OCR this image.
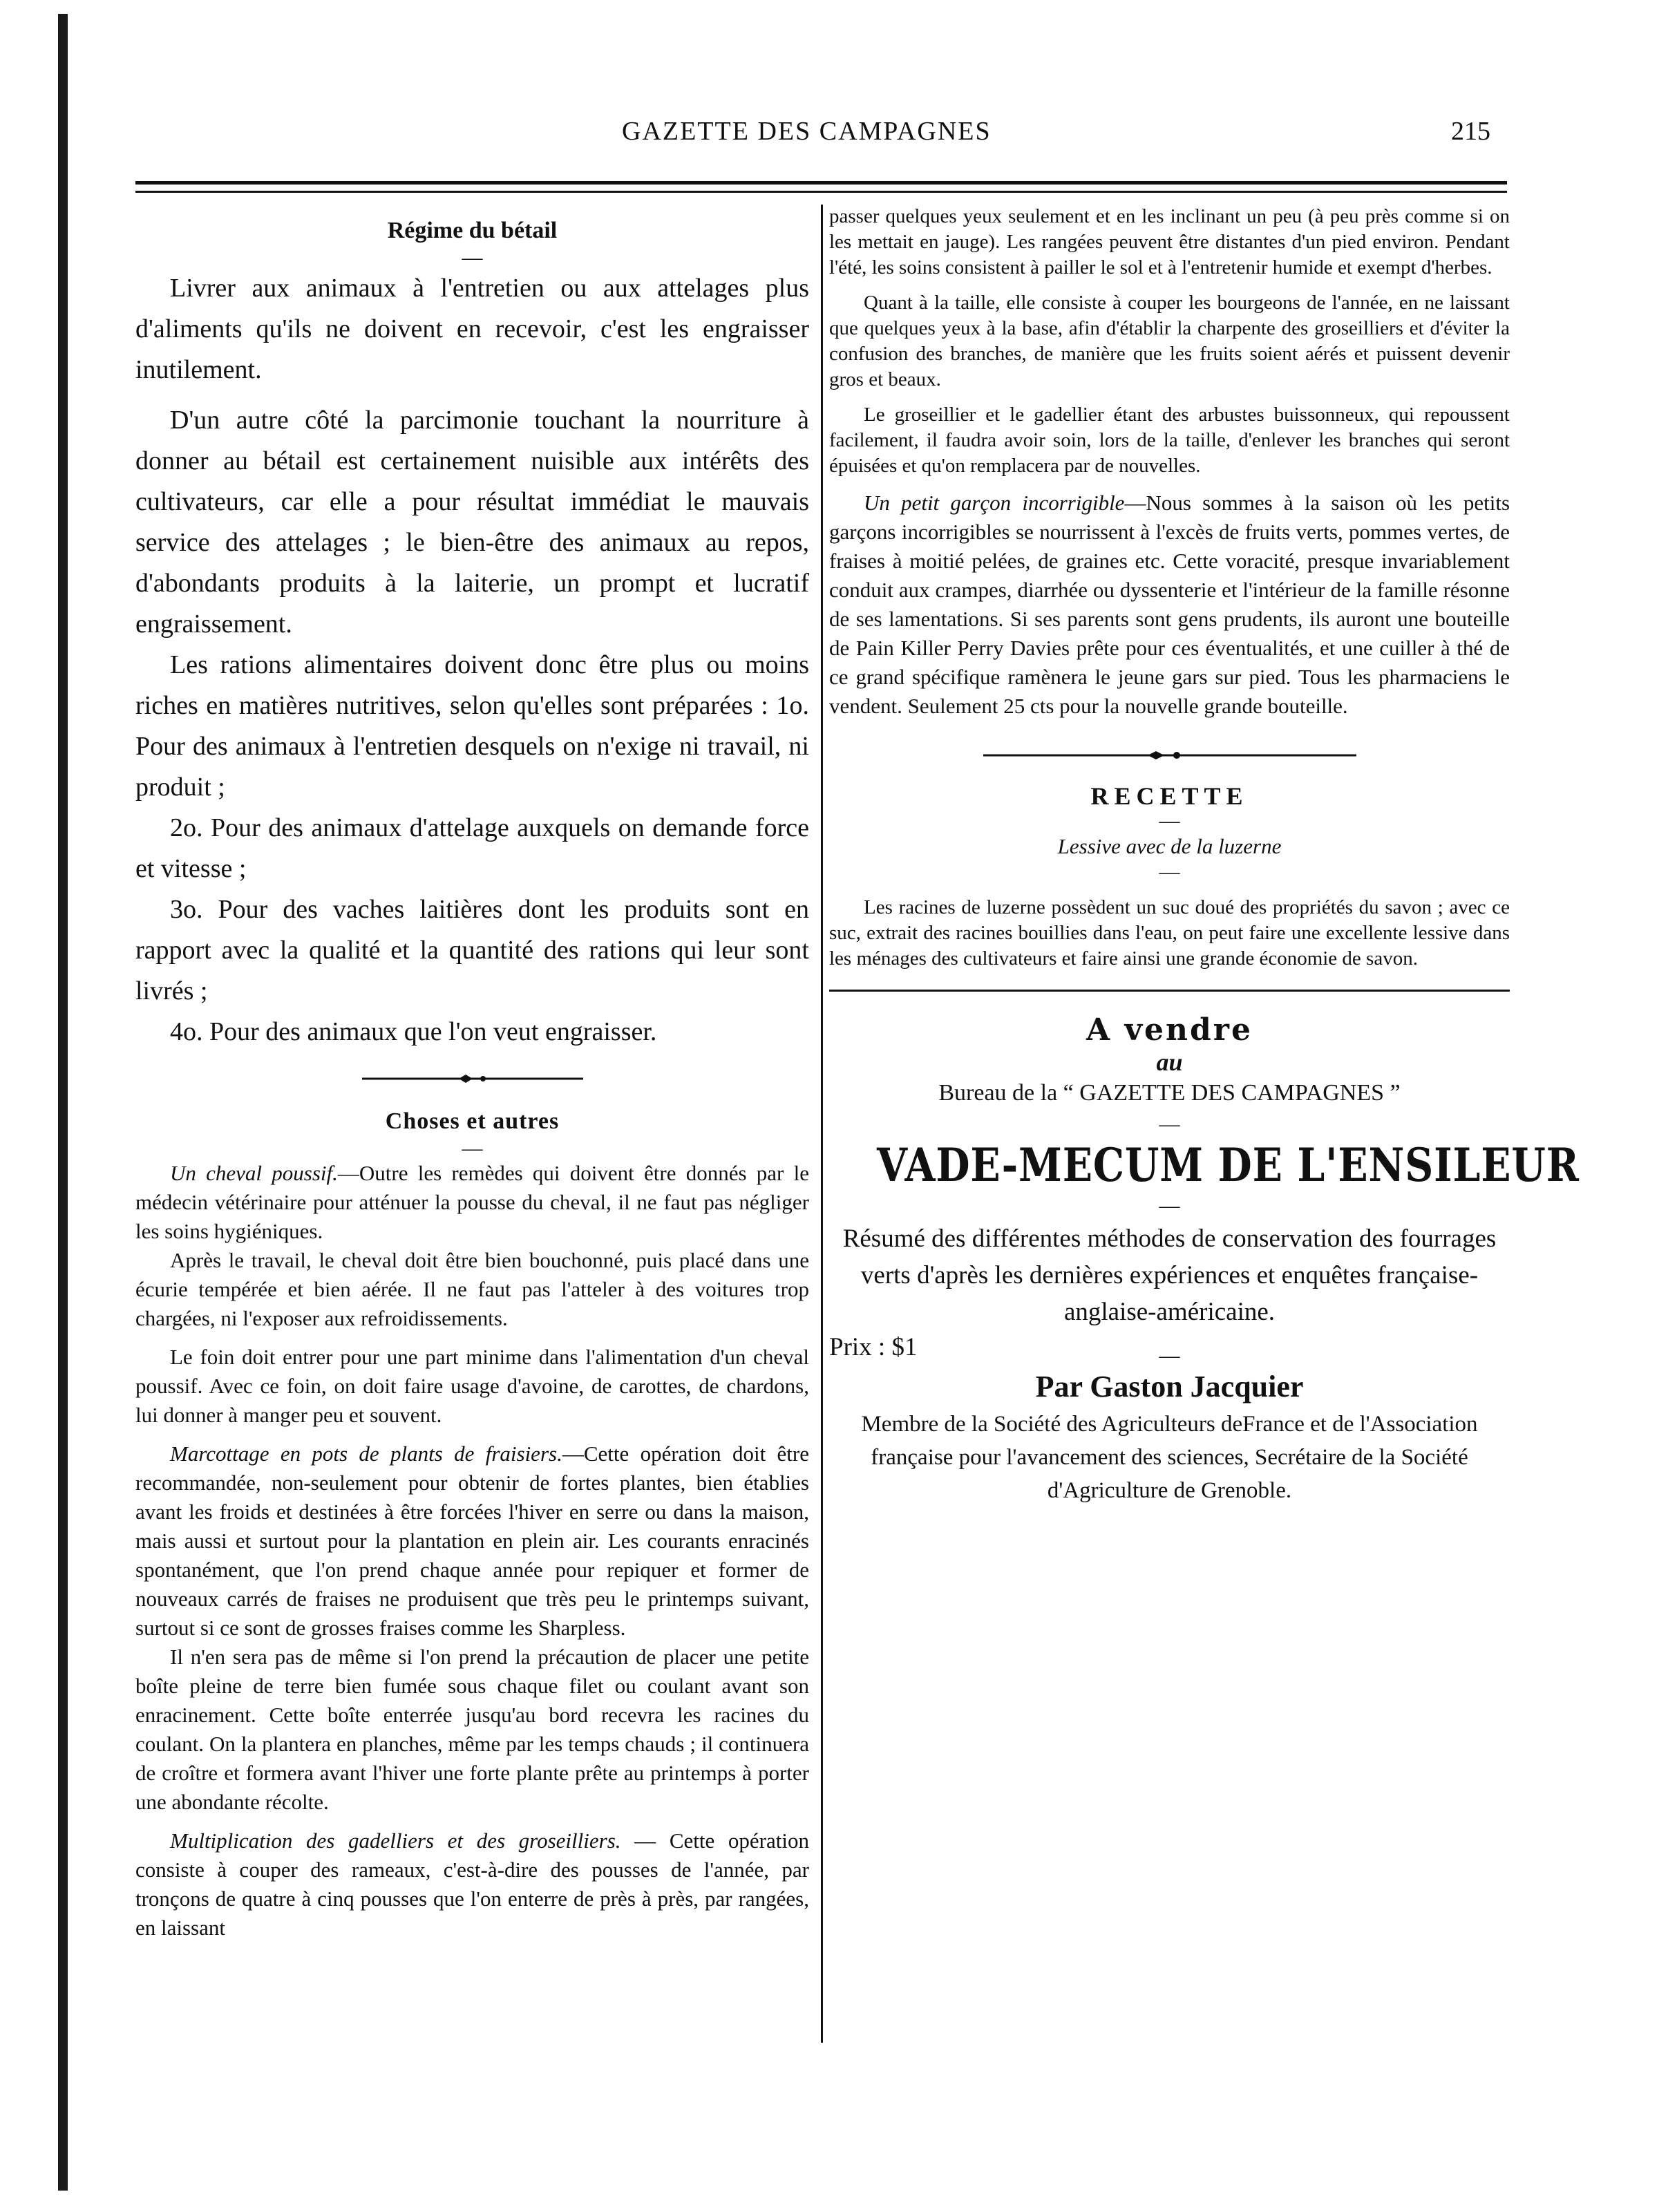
GAZETTE DES CAMPAGNES	215

Régime du bétail

—

Livrer aux animaux à l'entretien ou aux attelages plus d'aliments qu'ils ne doivent en recevoir, c'est les engraisser inutilement.

D'un autre côté la parcimonie touchant la nourriture à donner au bétail est certainement nuisible aux intérêts des cultivateurs, car elle a pour résultat immédiat le mauvais service des attelages ; le bien-être des animaux au repos, d'abondants produits à la laiterie, un prompt et lucratif engraissement.

Les rations alimentaires doivent donc être plus ou moins riches en matières nutritives, selon qu'elles sont préparées : 1o. Pour des animaux à l'entretien desquels on n'exige ni travail, ni produit ;

2o. Pour des animaux d'attelage auxquels on demande force et vitesse ;

3o. Pour des vaches laitières dont les produits sont en rapport avec la qualité et la quantité des rations qui leur sont livrés ;

4o. Pour des animaux que l'on veut engraisser.

Choses et autres

—

Un cheval poussif.—Outre les remèdes qui doivent être donnés par le médecin vétérinaire pour atténuer la pousse du cheval, il ne faut pas négliger les soins hygiéniques.

Après le travail, le cheval doit être bien bouchonné, puis placé dans une écurie tempérée et bien aérée. Il ne faut pas l'atteler à des voitures trop chargées, ni l'exposer aux refroidissements.

Le foin doit entrer pour une part minime dans l'alimentation d'un cheval poussif. Avec ce foin, on doit faire usage d'avoine, de carottes, de chardons, lui donner à manger peu et souvent.

Marcottage en pots de plants de fraisiers.—Cette opération doit être recommandée, non-seulement pour obtenir de fortes plantes, bien établies avant les froids et destinées à être forcées l'hiver en serre ou dans la maison, mais aussi et surtout pour la plantation en plein air. Les courants enracinés spontanément, que l'on prend chaque année pour repiquer et former de nouveaux carrés de fraises ne produisent que très peu le printemps suivant, surtout si ce sont de grosses fraises comme les Sharpless.

Il n'en sera pas de même si l'on prend la précaution de placer une petite boîte pleine de terre bien fumée sous chaque filet ou coulant avant son enracinement. Cette boîte enterrée jusqu'au bord recevra les racines du coulant. On la plantera en planches, même par les temps chauds ; il continuera de croître et formera avant l'hiver une forte plante prête au printemps à porter une abondante récolte.

Multiplication des gadelliers et des groseilliers. — Cette opération consiste à couper des rameaux, c'est-à-dire des pousses de l'année, par tronçons de quatre à cinq pousses que l'on enterre de près à près, par rangées, en laissant

passer quelques yeux seulement et en les inclinant un peu (à peu près comme si on les mettait en jauge). Les rangées peuvent être distantes d'un pied environ. Pendant l'été, les soins consistent à pailler le sol et à l'entretenir humide et exempt d'herbes.

Quant à la taille, elle consiste à couper les bourgeons de l'année, en ne laissant que quelques yeux à la base, afin d'établir la charpente des groseilliers et d'éviter la confusion des branches, de manière que les fruits soient aérés et puissent devenir gros et beaux.

Le groseillier et le gadellier étant des arbustes buissonneux, qui repoussent facilement, il faudra avoir soin, lors de la taille, d'enlever les branches qui seront épuisées et qu'on remplacera par de nouvelles.

Un petit garçon incorrigible—Nous sommes à la saison où les petits garçons incorrigibles se nourrissent à l'excès de fruits verts, pommes vertes, de fraises à moitié pelées, de graines etc. Cette voracité, presque invariablement conduit aux crampes, diarrhée ou dyssenterie et l'intérieur de la famille résonne de ses lamentations. Si ses parents sont gens prudents, ils auront une bouteille de Pain Killer Perry Davies prête pour ces éventualités, et une cuiller à thé de ce grand spécifique ramènera le jeune gars sur pied. Tous les pharmaciens le vendent. Seulement 25 cts pour la nouvelle grande bouteille.

RECETTE

—

Lessive avec de la luzerne

—

Les racines de luzerne possèdent un suc doué des propriétés du savon ; avec ce suc, extrait des racines bouillies dans l'eau, on peut faire une excellente lessive dans les ménages des cultivateurs et faire ainsi une grande économie de savon.

A vendre

au

Bureau de la “ GAZETTE DES CAMPAGNES ”

—

VADE-MECUM DE L'ENSILEUR

—

Résumé des différentes méthodes de conservation des fourrages verts d'après les dernières expériences et enquêtes française-anglaise-américaine.

Prix : $1	—

Par Gaston Jacquier

Membre de la Société des Agriculteurs deFrance et de l'Association française pour l'avancement des sciences, Secrétaire de la Société d'Agriculture de Grenoble.
